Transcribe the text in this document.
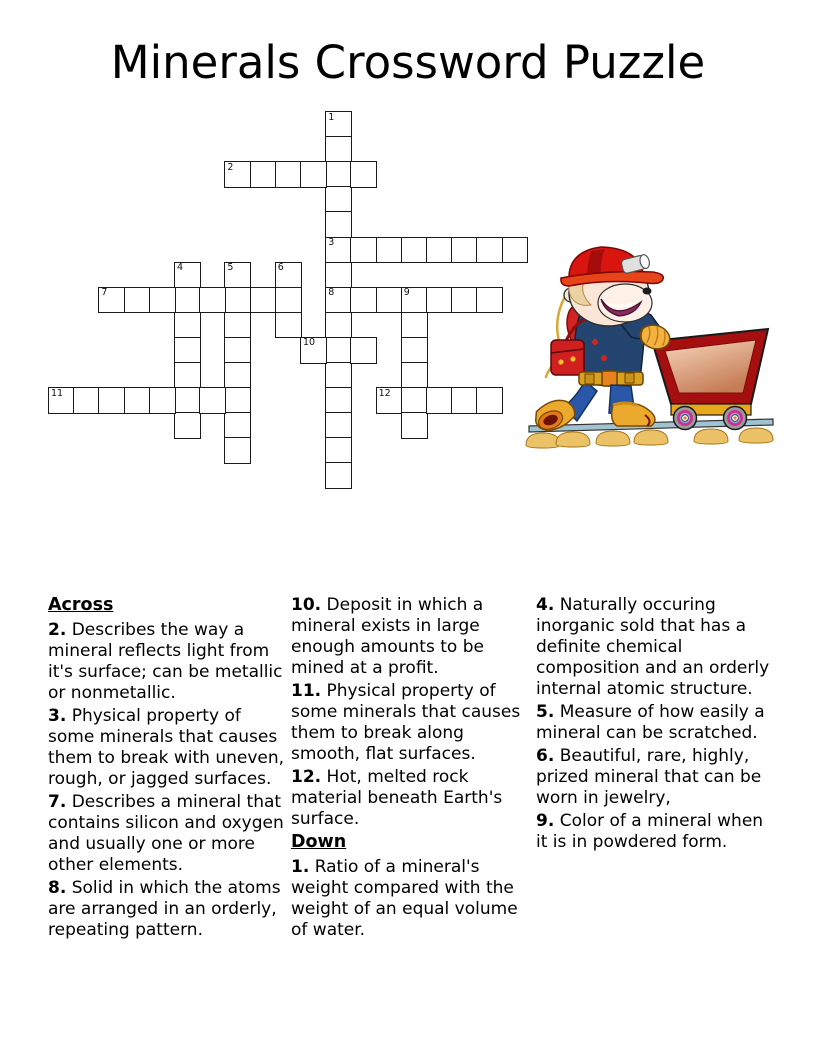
Minerals Crossword Puzzle
1
3
8
2
4	5	6
7	9
10
11	12
Across

2. Describes the way a mineral reflects light from it's surface; can be metallic or nonmetallic.

3. Physical property of some minerals that causes them to break with uneven, rough, or jagged surfaces.

7. Describes a mineral that contains silicon and oxygen and usually one or more other elements.

8. Solid in which the atoms are arranged in an orderly, repeating pattern.

10. Deposit in which a mineral exists in large enough amounts to be mined at a profit.

11. Physical property of some minerals that causes them to break along smooth, flat surfaces.

12. Hot, melted rock material beneath Earth's surface.

Down

1. Ratio of a mineral's weight compared with the weight of an equal volume of water.

4. Naturally occuring inorganic sold that has a definite chemical composition and an orderly internal atomic structure.

5. Measure of how easily a mineral can be scratched.

6. Beautiful, rare, highly, prized mineral that can be worn in jewelry,

9. Color of a mineral when it is in powdered form.
